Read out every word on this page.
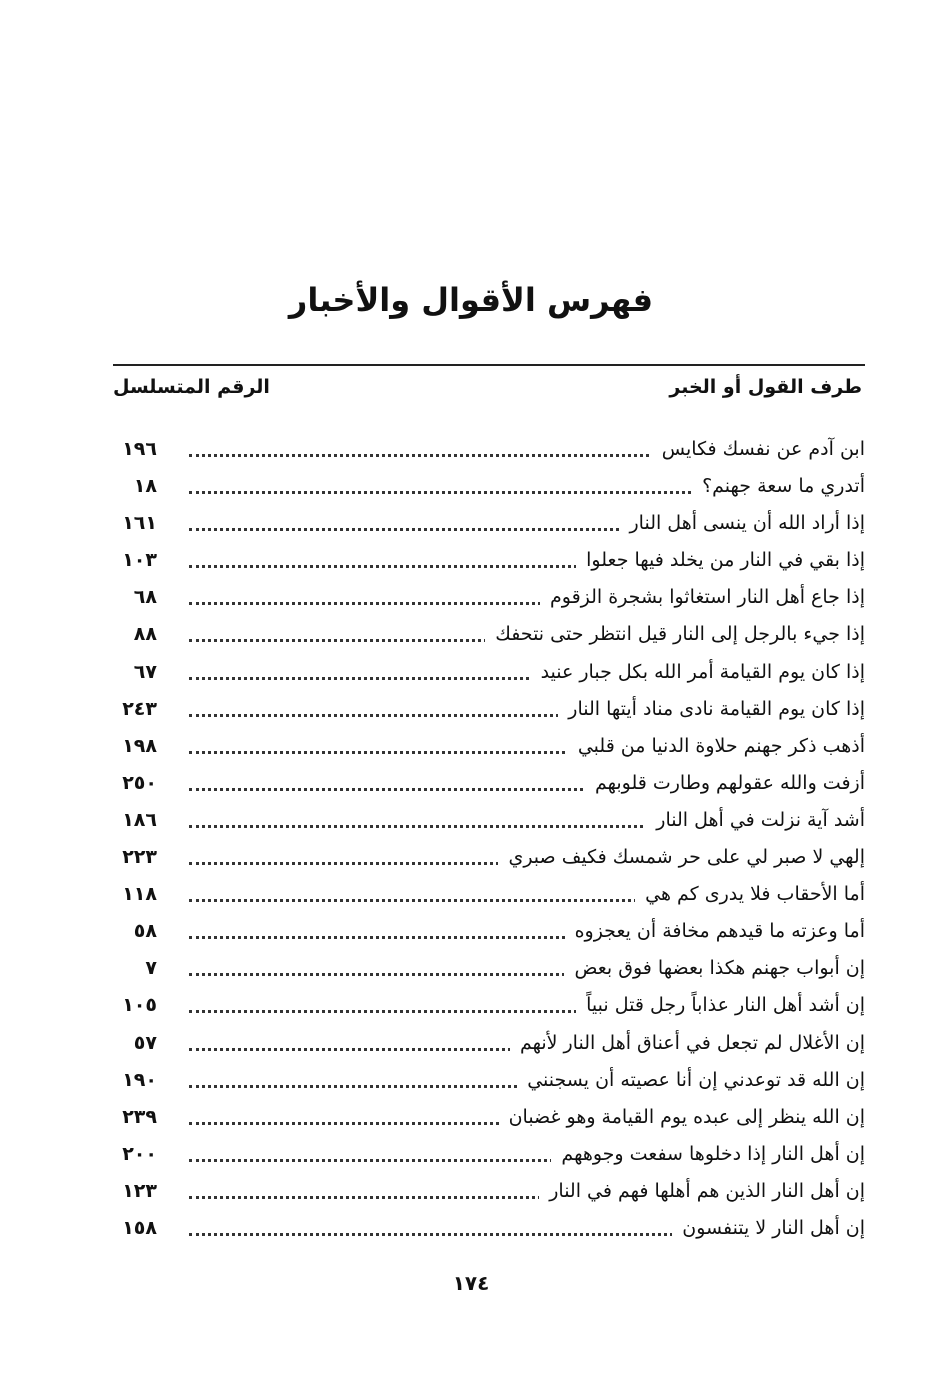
فهرس الأقوال والأخبار
طرف القول أو الخبر
الرقم المتسلسل
ابن آدم عن نفسك فكايس
١٩٦
أتدري ما سعة جهنم؟
١٨
إذا أراد الله أن ينسى أهل النار
١٦١
إذا بقي في النار من يخلد فيها جعلوا
١٠٣
إذا جاع أهل النار استغاثوا بشجرة الزقوم
٦٨
إذا جيء بالرجل إلى النار قيل انتظر حتى نتحفك
٨٨
إذا كان يوم القيامة أمر الله بكل جبار عنيد
٦٧
إذا كان يوم القيامة نادى مناد أيتها النار
٢٤٣
أذهب ذكر جهنم حلاوة الدنيا من قلبي
١٩٨
أزفت والله عقولهم وطارت قلوبهم
٢٥٠
أشد آية نزلت في أهل النار
١٨٦
إلهي لا صبر لي على حر شمسك فكيف صبري
٢٢٣
أما الأحقاب فلا يدرى كم هي
١١٨
أما وعزته ما قيدهم مخافة أن يعجزوه
٥٨
إن أبواب جهنم هكذا بعضها فوق بعض
٧
إن أشد أهل النار عذاباً رجل قتل نبياً
١٠٥
إن الأغلال لم تجعل في أعناق أهل النار لأنهم
٥٧
إن الله قد توعدني إن أنا عصيته أن يسجنني
١٩٠
إن الله ينظر إلى عبده يوم القيامة وهو غضبان
٢٣٩
إن أهل النار إذا دخلوها سفعت وجوههم
٢٠٠
إن أهل النار الذين هم أهلها فهم في النار
١٢٣
إن أهل النار لا يتنفسون
١٥٨
١٧٤
